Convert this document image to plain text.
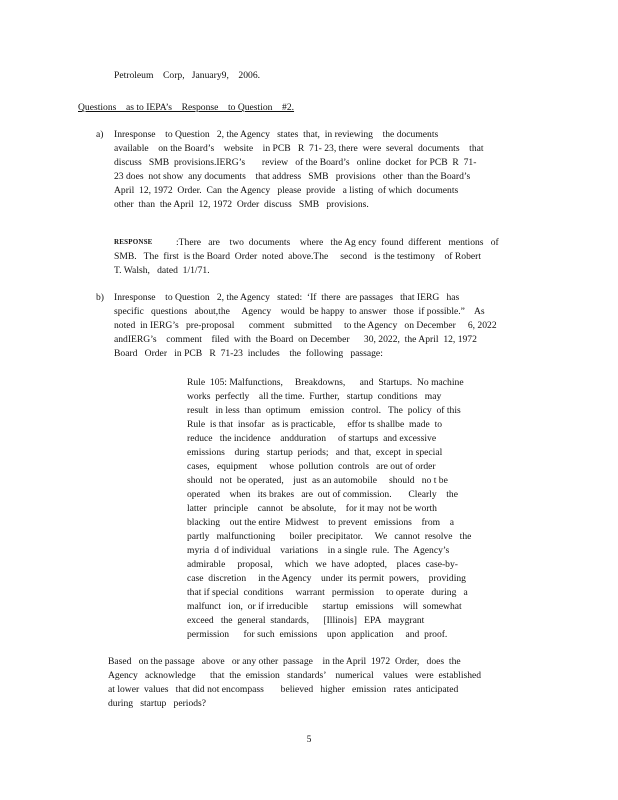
Petroleum    Corp,   January9,    2006.
Questions    as to IEPA’s    Response    to Question    #2.
a) Inresponse    to Question   2, the Agency   states  that,  in reviewing    the documents
available    on the Board’s    website    in PCB   R  71- 23, there  were  several  documents    that
discuss   SMB  provisions.IERG’s       review   of the Board’s   online  docket  for PCB  R  71-
23 does  not show  any documents    that address   SMB   provisions   other  than the Board’s
April  12, 1972  Order.  Can  the Agency   please  provide   a listing  of which  documents
other  than  the April  12, 1972  Order  discuss   SMB   provisions.
RESPONSE :There   are    two  documents    where   the Ag ency  found  different   mentions   of
SMB.   The  first  is the Board  Order  noted  above.The     second   is the testimony    of Robert
T. Walsh,   dated  1/1/71.
b) Inresponse    to Question   2, the Agency   stated:  ‘If  there  are passages   that IERG   has
specific   questions   about,the     Agency    would  be happy  to answer   those  if possible.”    As
noted  in IERG’s   pre-proposal      comment    submitted     to the Agency   on December     6, 2022
andIERG’s    comment    filed  with  the Board  on December      30, 2022,  the April  12, 1972
Board   Order   in PCB   R  71-23  includes    the  following   passage:
Rule  105: Malfunctions,     Breakdowns,      and  Startups.  No machine
works  perfectly    all the time.  Further,   startup  conditions   may
result   in less  than  optimum    emission   control.   The  policy  of this
Rule  is that  insofar   as is practicable,     effor ts shallbe  made  to
reduce   the incidence    andduration     of startups  and excessive
emissions    during   startup  periods;   and  that,  except  in special
cases,   equipment     whose  pollution  controls   are out of order
should   not  be operated,    just  as an automobile     should   no t be
operated    when   its brakes   are  out of commission.       Clearly    the
latter   principle    cannot   be absolute,    for it may  not be worth
blacking    out the entire  Midwest    to prevent   emissions    from    a
partly   malfunctioning      boiler  precipitator.     We   cannot  resolve   the
myria  d of individual    variations    in a single  rule.  The  Agency’s
admirable     proposal,     which   we  have  adopted,    places  case-by-
case  discretion     in the Agency    under  its permit  powers,    providing
that if special  conditions     warrant   permission     to operate   during   a
malfunct   ion,  or if irreducible      startup   emissions    will  somewhat
exceed   the  general  standards,      [Illinois]   EPA   maygrant
permission      for such  emissions    upon  application     and  proof.
Based   on the passage   above   or any other  passage    in the April  1972  Order,   does  the
Agency   acknowledge      that  the  emission   standards’    numerical    values   were  established
at lower  values   that did not encompass       believed   higher   emission   rates  anticipated
during   startup   periods?
5
